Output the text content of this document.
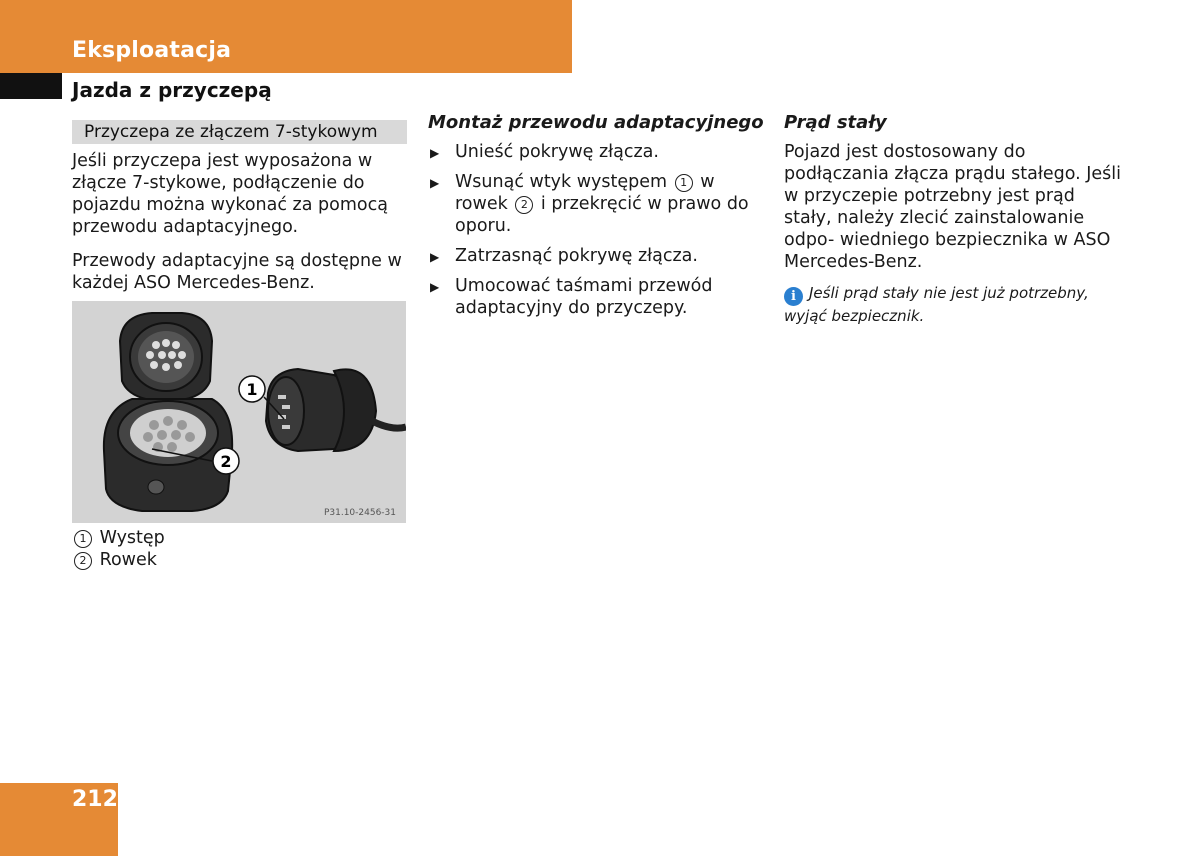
Eksploatacja
Jazda z przyczepą
Przyczepa ze złączem 7-stykowym

Jeśli przyczepa jest wyposażona w złącze 7-stykowe, podłączenie do pojazdu można wykonać za pomocą przewodu adaptacyjnego.

Przewody adaptacyjne są dostępne w każdej ASO Mercedes-Benz.

1
2
P31.10-2456-31
1 Występ
2 Rowek
Montaż przewodu adaptacyjnego
▶ Unieść pokrywę złącza.
▶ Wsunąć wtyk występem 1 w rowek 2 i przekręcić w prawo do oporu.
▶ Zatrzasnąć pokrywę złącza.
▶ Umocować taśmami przewód adaptacyjny do przyczepy.
Prąd stały

Pojazd jest dostosowany do podłączania złącza prądu stałego. Jeśli w przyczepie potrzebny jest prąd stały, należy zlecić zainstalowanie odpo- wiedniego bezpiecznika w ASO Mercedes-Benz.

i Jeśli prąd stały nie jest już potrzebny, wyjąć bezpiecznik.
212
